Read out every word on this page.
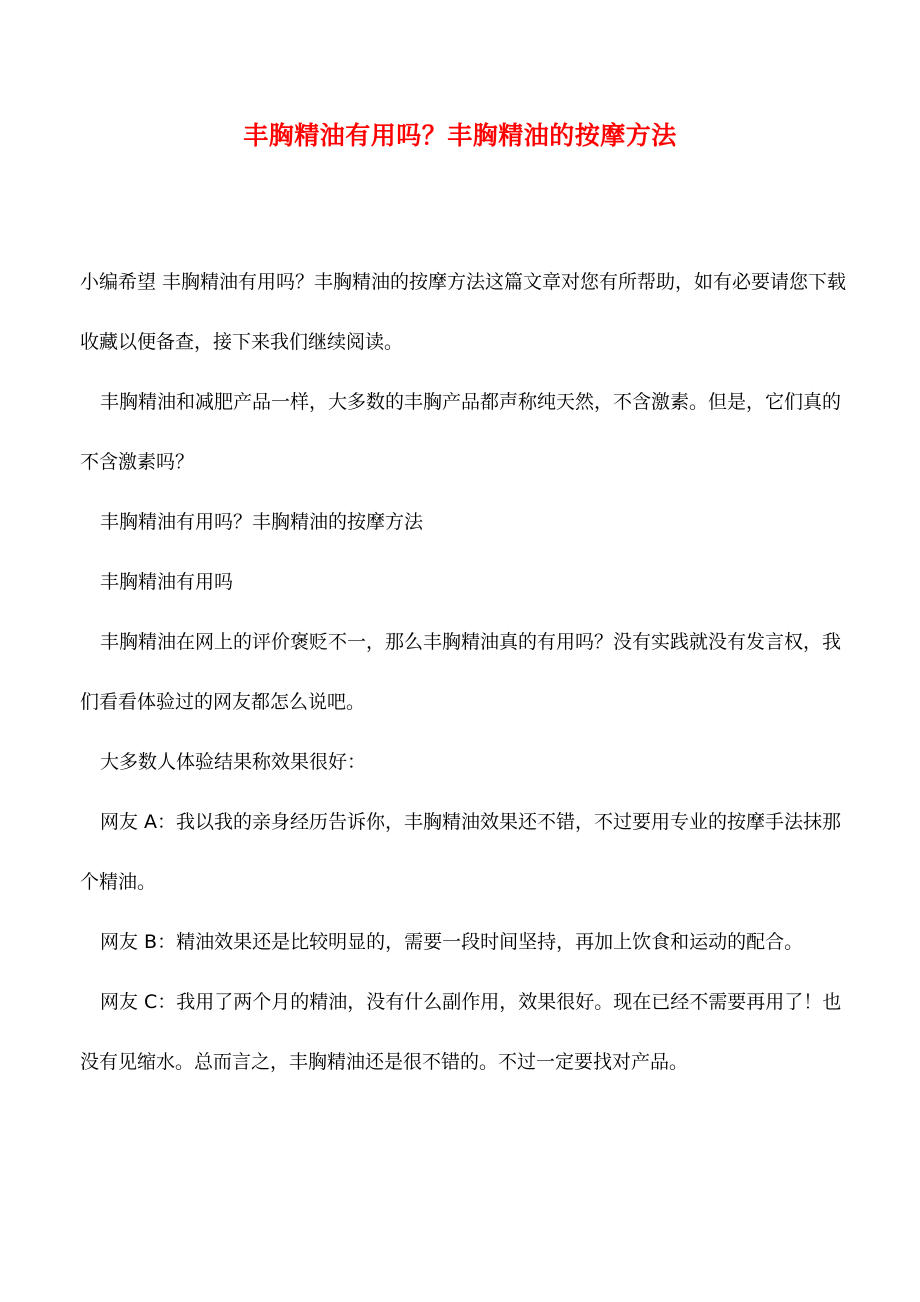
丰胸精油有用吗？丰胸精油的按摩方法

小编希望 丰胸精油有用吗？丰胸精油的按摩方法这篇文章对您有所帮助，如有必要请您下载收藏以便备查，接下来我们继续阅读。

丰胸精油和减肥产品一样，大多数的丰胸产品都声称纯天然，不含激素。但是，它们真的不含激素吗？

丰胸精油有用吗？丰胸精油的按摩方法

丰胸精油有用吗

丰胸精油在网上的评价褒贬不一，那么丰胸精油真的有用吗？没有实践就没有发言权，我们看看体验过的网友都怎么说吧。

大多数人体验结果称效果很好：

网友 A：我以我的亲身经历告诉你，丰胸精油效果还不错，不过要用专业的按摩手法抹那个精油。

网友 B：精油效果还是比较明显的，需要一段时间坚持，再加上饮食和运动的配合。

网友 C：我用了两个月的精油，没有什么副作用，效果很好。现在已经不需要再用了！也没有见缩水。总而言之，丰胸精油还是很不错的。不过一定要找对产品。
